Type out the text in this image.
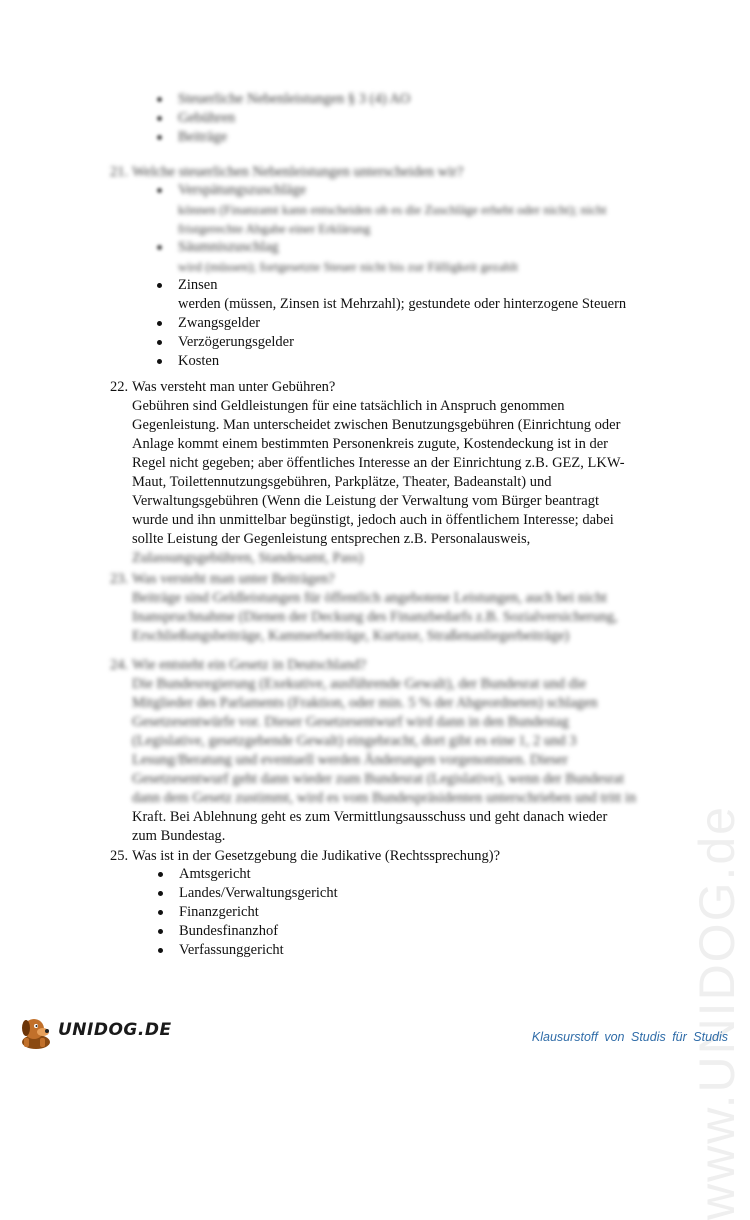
www.UNIDOG.de
Steuerliche Nebenleistungen § 3 (4) AO
Gebühren
Beiträge
21. Welche steuerlichen Nebenleistungen unterscheiden wir?
Verspätungszuschläge
können (Finanzamt kann entscheiden ob es die Zuschläge erhebt oder nicht); nicht fristgerechte Abgabe einer Erklärung
Säumniszuschlag
wird (müssen); fortgesetzte Steuer nicht bis zur Fälligkeit gezahlt
Zinsen
werden (müssen, Zinsen ist Mehrzahl); gestundete oder hinterzogene Steuern
Zwangsgelder
Verzögerungsgelder
Kosten
22. Was versteht man unter Gebühren?
Gebühren sind Geldleistungen für eine tatsächlich in Anspruch genommen
Gegenleistung. Man unterscheidet zwischen Benutzungsgebühren (Einrichtung oder
Anlage kommt einem bestimmten Personenkreis zugute, Kostendeckung ist in der
Regel nicht gegeben; aber öffentliches Interesse an der Einrichtung z.B. GEZ, LKW-
Maut, Toilettennutzungsgebühren, Parkplätze, Theater, Badeanstalt) und
Verwaltungsgebühren (Wenn die Leistung der Verwaltung vom Bürger beantragt
wurde und ihn unmittelbar begünstigt, jedoch auch in öffentlichem Interesse; dabei
sollte Leistung der Gegenleistung entsprechen z.B. Personalausweis,
Zulassungsgebühren, Standesamt, Pass)
23. Was versteht man unter Beiträgen?
Beiträge sind Geldleistungen für öffentlich angebotene Leistungen, auch bei nicht
Inanspruchnahme (Dienen der Deckung des Finanzbedarfs z.B. Sozialversicherung,
Erschließungsbeiträge, Kammerbeiträge, Kurtaxe, Straßenanliegerbeiträge)
24. Wie entsteht ein Gesetz in Deutschland?
Die Bundesregierung (Exekutive, ausführende Gewalt), der Bundesrat und die
Mitglieder des Parlaments (Fraktion, oder min. 5 % der Abgeordneten) schlagen
Gesetzesentwürfe vor. Dieser Gesetzesentwurf wird dann in den Bundestag
(Legislative, gesetzgebende Gewalt) eingebracht, dort gibt es eine 1, 2 und 3
Lesung/Beratung und eventuell werden Änderungen vorgenommen. Dieser
Gesetzesentwurf geht dann wieder zum Bundesrat (Legislative), wenn der Bundesrat
dann dem Gesetz zustimmt, wird es vom Bundespräsidenten unterschrieben und tritt in
Kraft. Bei Ablehnung geht es zum Vermittlungsausschuss und geht danach wieder
zum Bundestag.
25. Was ist in der Gesetzgebung die Judikative (Rechtssprechung)?
Amtsgericht
Landes/Verwaltungsgericht
Finanzgericht
Bundesfinanzhof
Verfassunggericht
UNIDOG.DE	Klausurstoff von Studis für Studis
